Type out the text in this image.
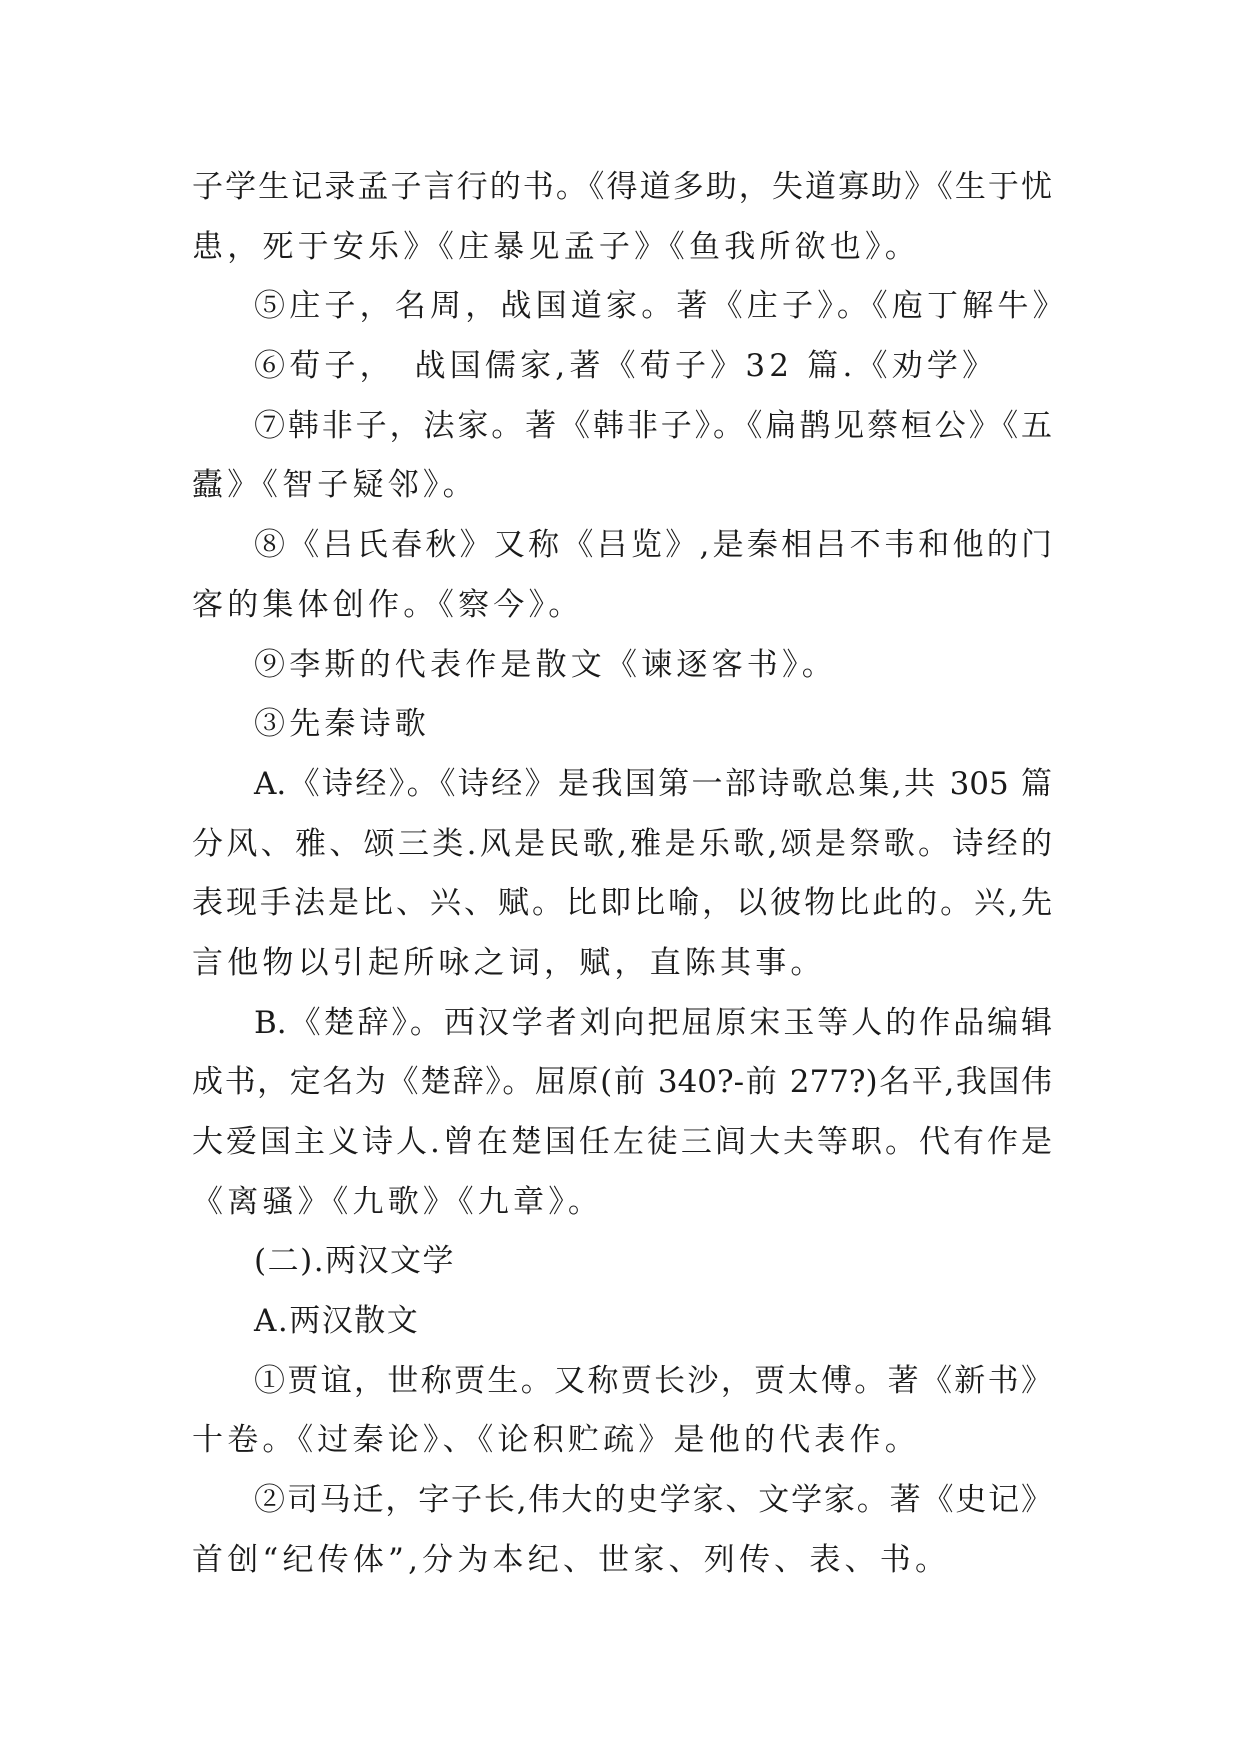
子学生记录孟子言行的书。《得道多助，失道寡助》《生于忧
患，死于安乐》《庄暴见孟子》《鱼我所欲也》。
⑤庄子，名周，战国道家。著《庄子》。《庖丁解牛》
⑥荀子，　战国儒家,著《荀子》32 篇.《劝学》
⑦韩非子，法家。著《韩非子》。《扁鹊见蔡桓公》《五
蠹》《智子疑邻》。
⑧《吕氏春秋》又称《吕览》,是秦相吕不韦和他的门
客的集体创作。《察今》。
⑨李斯的代表作是散文《谏逐客书》。
③先秦诗歌
A.《诗经》。《诗经》是我国第一部诗歌总集,共 305 篇
分风、雅、颂三类.风是民歌,雅是乐歌,颂是祭歌。诗经的
表现手法是比、兴、赋。比即比喻，以彼物比此的。兴,先
言他物以引起所咏之词，赋，直陈其事。
B.《楚辞》。西汉学者刘向把屈原宋玉等人的作品编辑
成书，定名为《楚辞》。屈原(前 340?-前 277?)名平,我国伟
大爱国主义诗人.曾在楚国任左徒三闾大夫等职。代有作是
《离骚》《九歌》《九章》。
(二).两汉文学
A.两汉散文
①贾谊，世称贾生。又称贾长沙，贾太傅。著《新书》
十卷。《过秦论》、《论积贮疏》是他的代表作。
②司马迁，字子长,伟大的史学家、文学家。著《史记》
首创“纪传体”,分为本纪、世家、列传、表、书。
